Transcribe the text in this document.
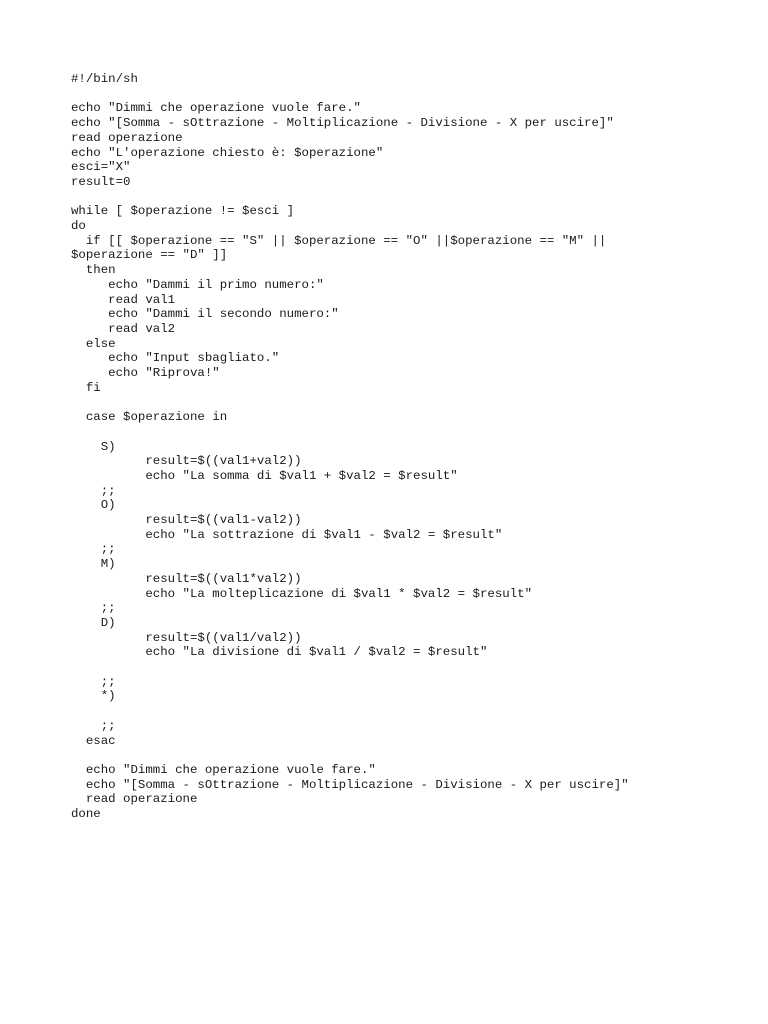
#!/bin/sh
echo "Dimmi che operazione vuole fare."
echo "[Somma - sOttrazione - Moltiplicazione - Divisione - X per uscire]"
read operazione
echo "L'operazione chiesto è: $operazione"
esci="X"
result=0
while [ $operazione != $esci ]
do
if [[ $operazione == "S" || $operazione == "O" ||$operazione == "M" ||
$operazione == "D" ]]
then
echo "Dammi il primo numero:"
read val1
echo "Dammi il secondo numero:"
read val2
else
echo "Input sbagliato."
echo "Riprova!"
fi
case $operazione in
S)
result=$((val1+val2))
echo "La somma di $val1 + $val2 = $result"
;;
O)
result=$((val1-val2))
echo "La sottrazione di $val1 - $val2 = $result"
;;
M)
result=$((val1*val2))
echo "La molteplicazione di $val1 * $val2 = $result"
;;
D)
result=$((val1/val2))
echo "La divisione di $val1 / $val2 = $result"
;;
*)
;;
esac
echo "Dimmi che operazione vuole fare."
echo "[Somma - sOttrazione - Moltiplicazione - Divisione - X per uscire]"
read operazione
done
